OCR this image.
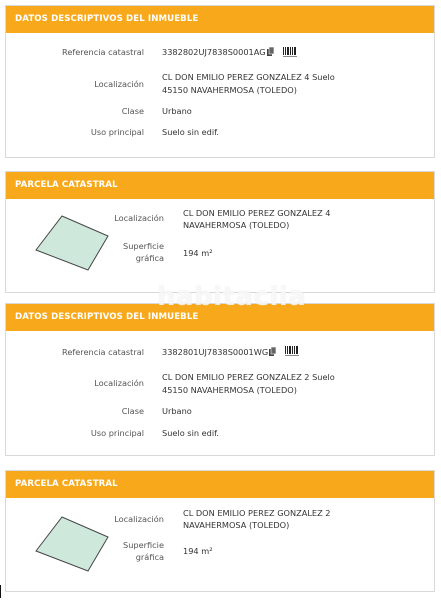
DATOS DESCRIPTIVOS DEL INMUEBLE
Referencia catastral 3382802UJ7838S0001AG
Localización
CL DON EMILIO PEREZ GONZALEZ 4 Suelo
45150 NAVAHERMOSA (TOLEDO)
Clase Urbano
Uso principal Suelo sin edif.
PARCELA CATASTRAL
Localización CL DON EMILIO PEREZ GONZALEZ 4
NAVAHERMOSA (TOLEDO)
Superficie
gráfica 194 m²
DATOS DESCRIPTIVOS DEL INMUEBLE
Referencia catastral 3382801UJ7838S0001WG
Localización
CL DON EMILIO PEREZ GONZALEZ 2 Suelo
45150 NAVAHERMOSA (TOLEDO)
Clase Urbano
Uso principal Suelo sin edif.
PARCELA CATASTRAL
Localización
CL DON EMILIO PEREZ GONZALEZ 2
NAVAHERMOSA (TOLEDO)
Superficie
gráfica
194 m²
habitaclia
